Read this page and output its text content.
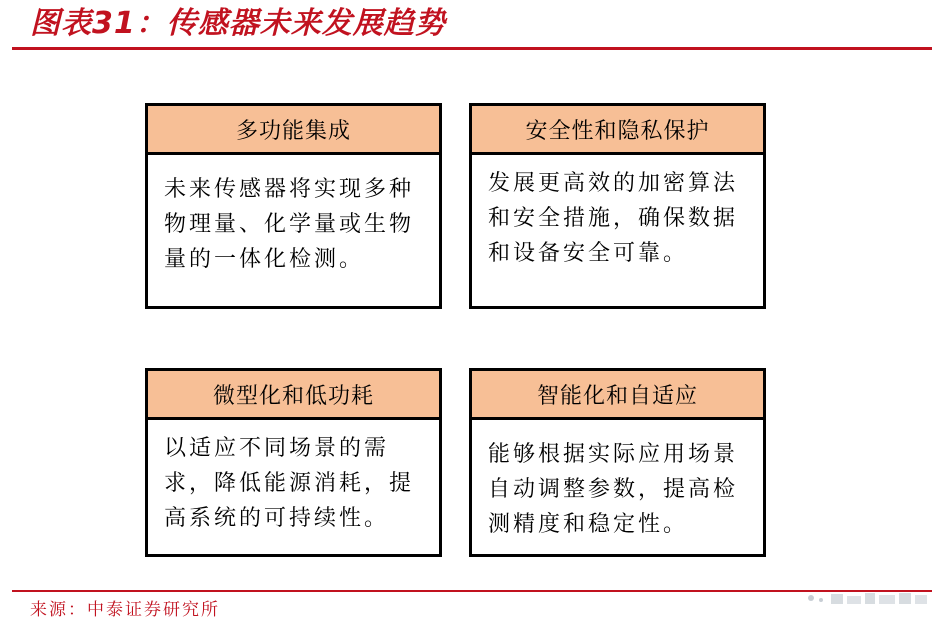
图表31：传感器未来发展趋势
多功能集成
未来传感器将实现多种物理量、化学量或生物量的一体化检测。
安全性和隐私保护
发展更高效的加密算法和安全措施，确保数据和设备安全可靠。
微型化和低功耗
以适应不同场景的需求，降低能源消耗，提高系统的可持续性。
智能化和自适应
能够根据实际应用场景自动调整参数，提高检测精度和稳定性。
来源：中泰证券研究所
